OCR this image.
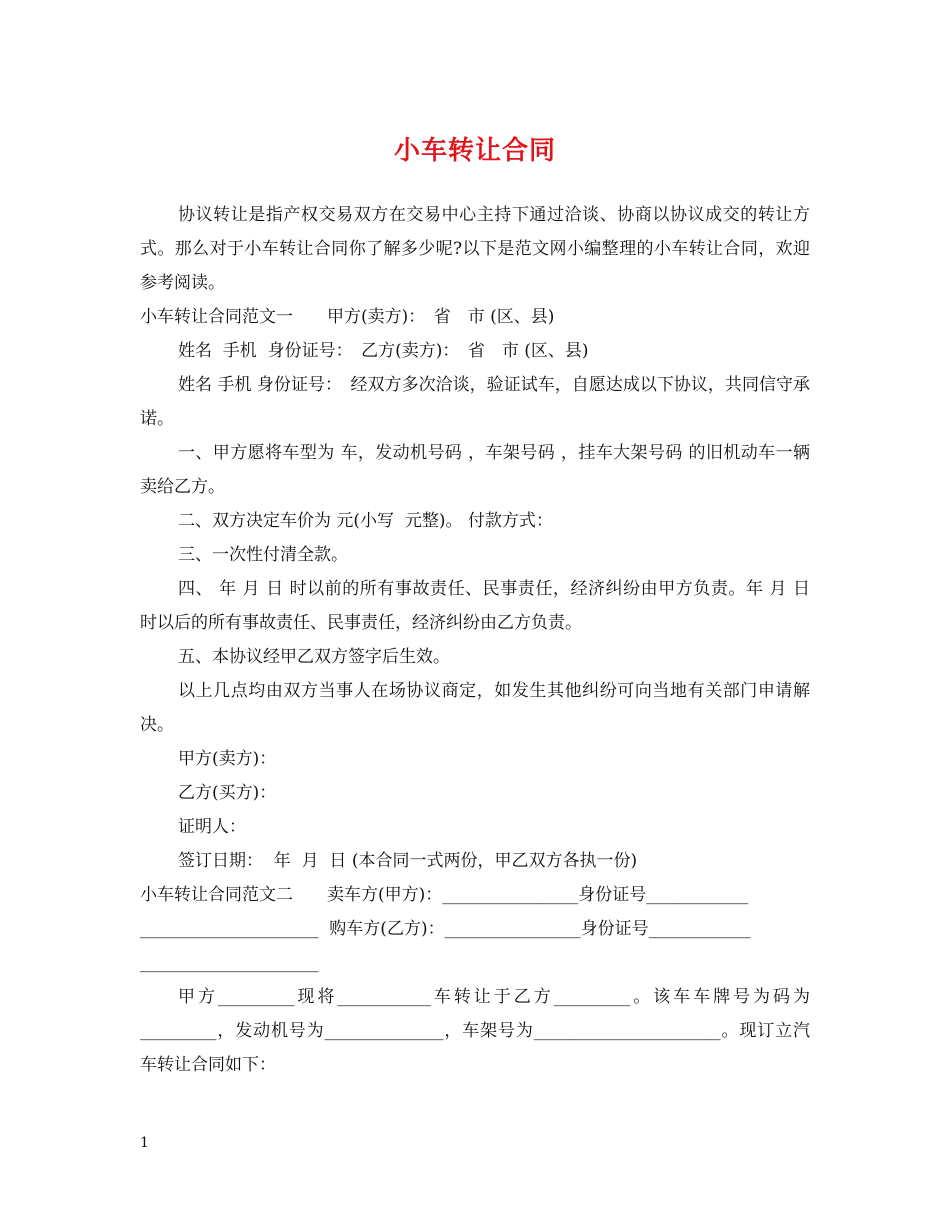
小车转让合同

协议转让是指产权交易双方在交易中心主持下通过洽谈、协商以协议成交的转让方式。那么对于小车转让合同你了解多少呢?以下是范文网小编整理的小车转让合同，欢迎参考阅读。

小车转让合同范文一　　甲方(卖方)：　省　市 (区、县)

姓名  手机  身份证号：　乙方(卖方)：　省　市 (区、县)

姓名 手机 身份证号：　经双方多次洽谈，验证试车，自愿达成以下协议，共同信守承诺。

一、甲方愿将车型为 车，发动机号码 ，车架号码 ，挂车大架号码 的旧机动车一辆卖给乙方。

二、双方决定车价为 元(小写  元整)。 付款方式：

三、一次性付清全款。

四、 年 月 日 时以前的所有事故责任、民事责任，经济纠纷由甲方负责。年 月 日 时以后的所有事故责任、民事责任，经济纠纷由乙方负责。

五、本协议经甲乙双方签字后生效。

以上几点均由双方当事人在场协议商定，如发生其他纠纷可向当地有关部门申请解决。

甲方(卖方)：

乙方(买方)：

证明人：

签订日期：  年  月  日 (本合同一式两份，甲乙双方各执一份)

小车转让合同范文二　　卖车方(甲方)：________________身份证号____________

_____________________  购车方(乙方)：________________身份证号____________

_____________________

甲方_________现将___________车转让于乙方_________。该车车牌号为码为_________，发动机号为______________，车架号为______________________。现订立汽车转让合同如下：

1
